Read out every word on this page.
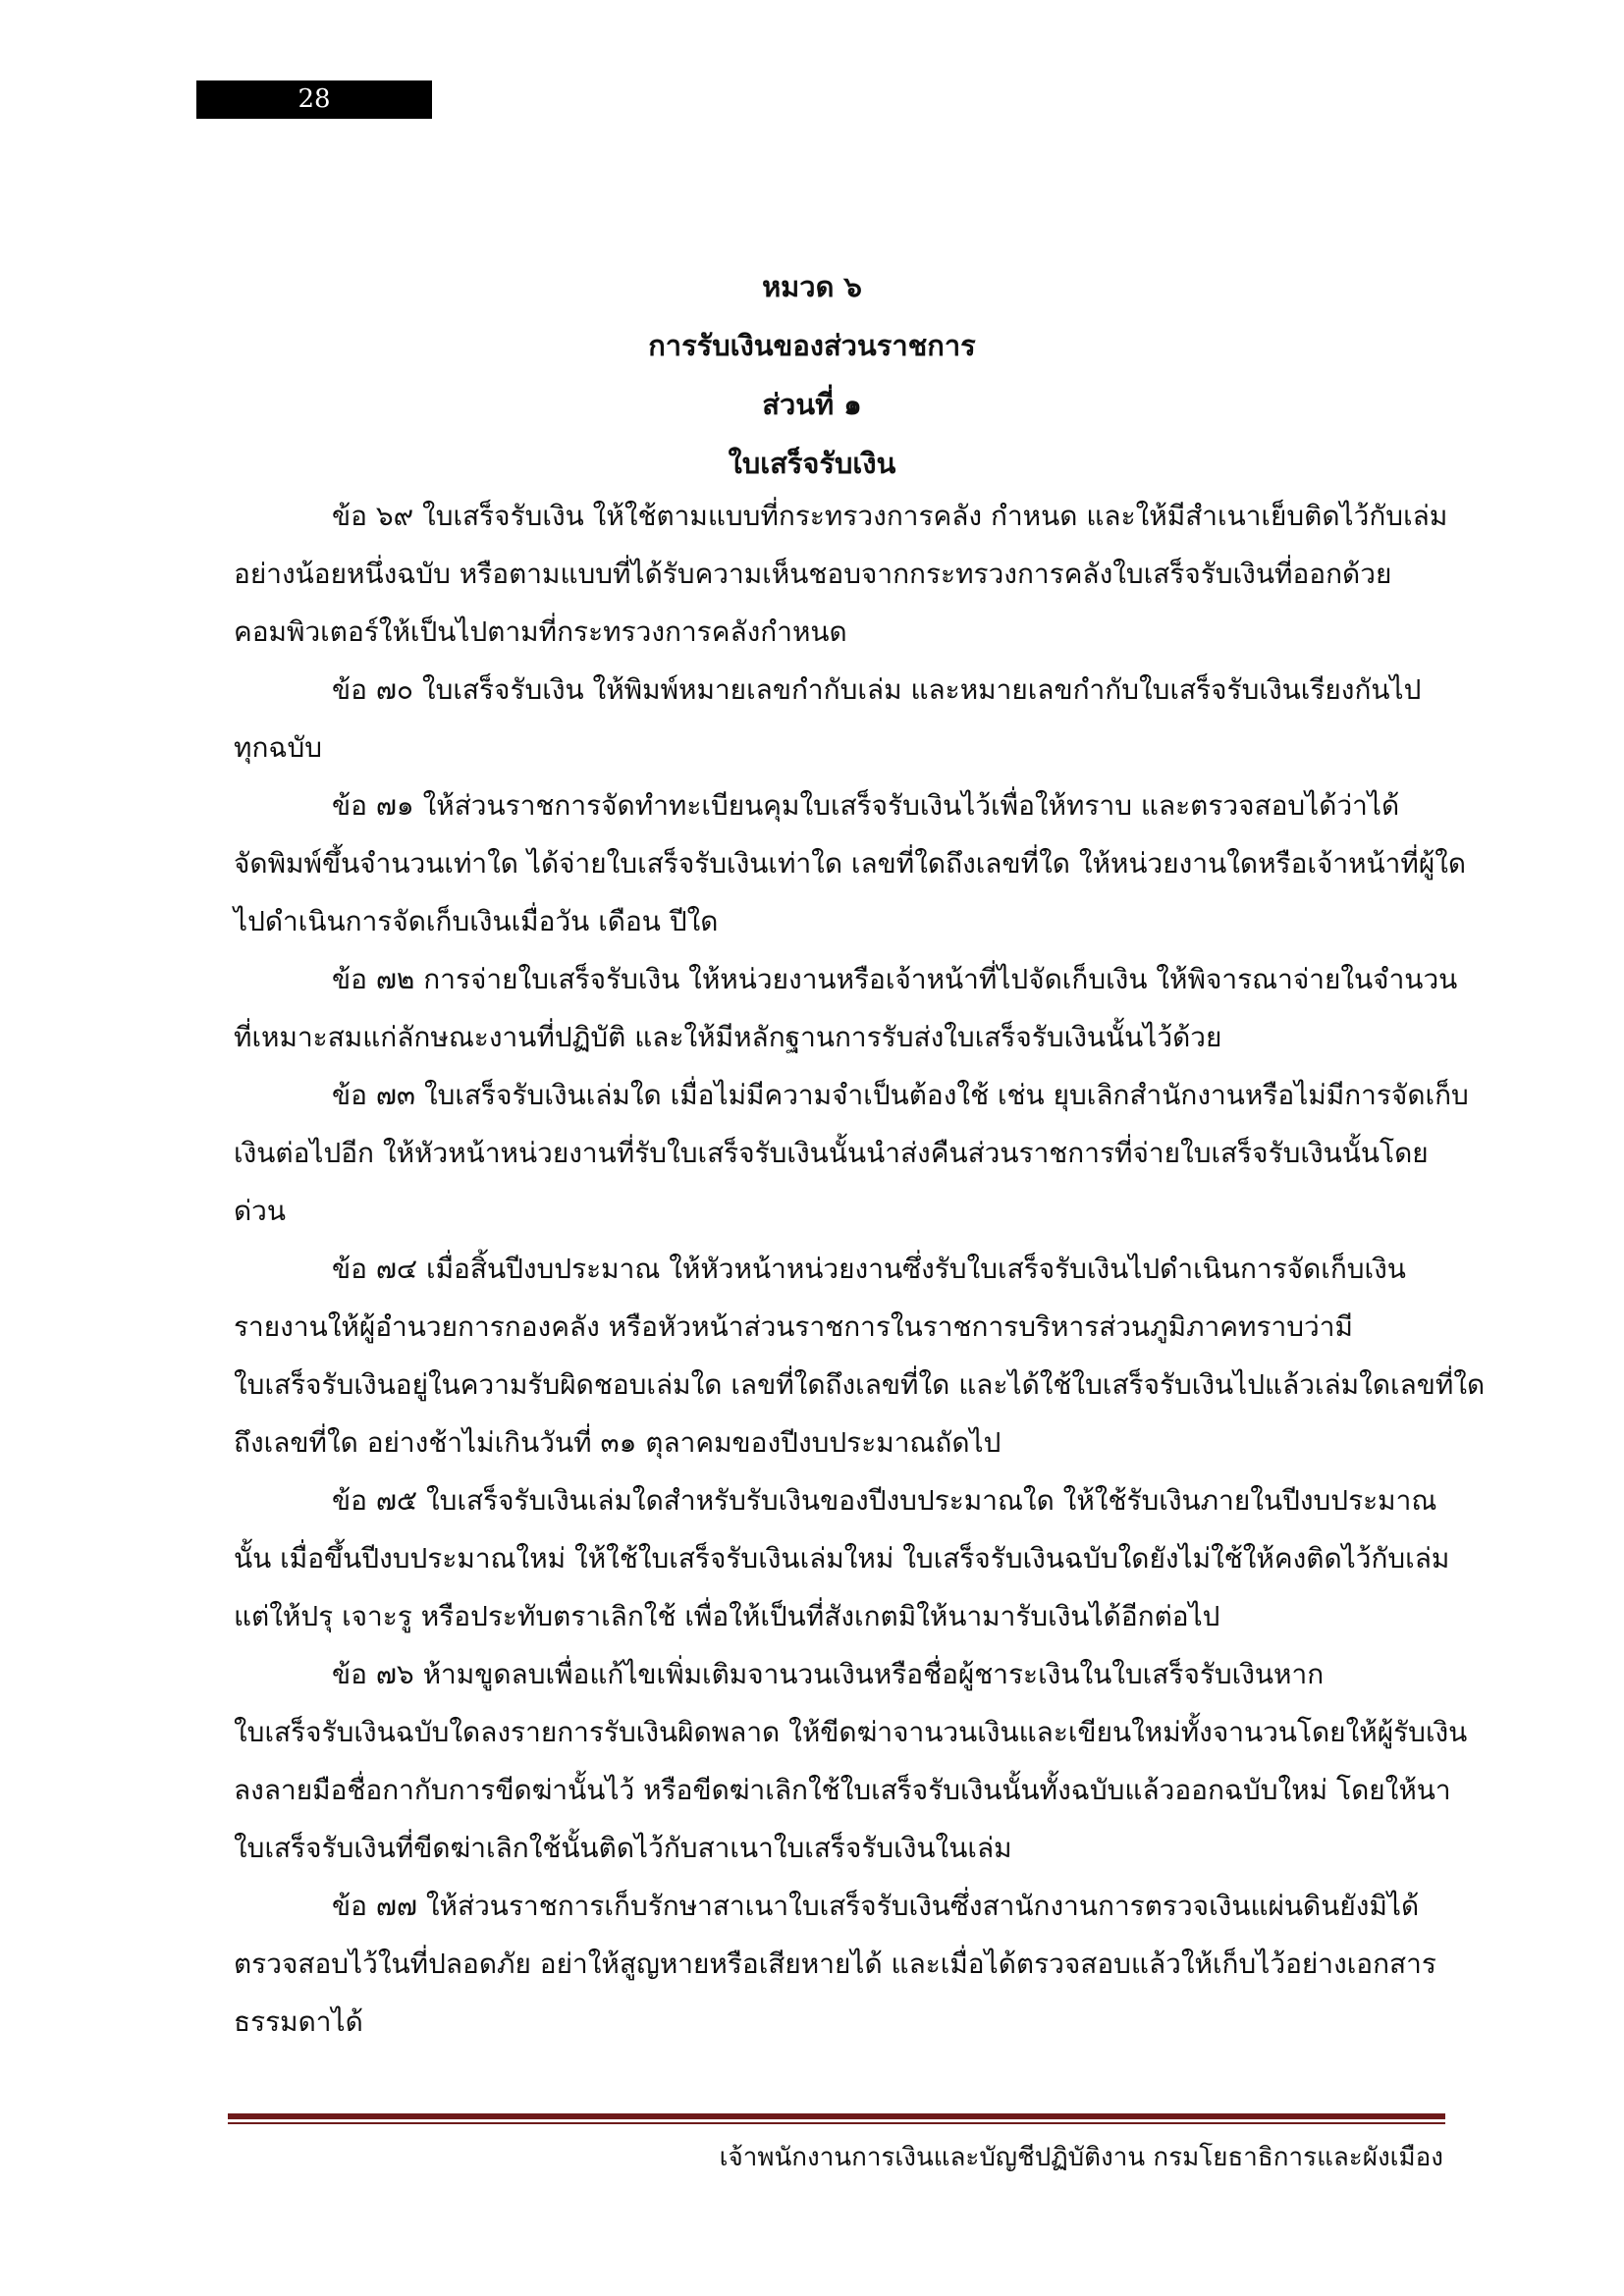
28
หมวด ๖
การรับเงินของส่วนราชการ
ส่วนที่ ๑
ใบเสร็จรับเงิน

ข้อ ๖๙ ใบเสร็จรับเงิน ให้ใช้ตามแบบที่กระทรวงการคลัง กำหนด และให้มีสำเนาเย็บติดไว้กับเล่ม
อย่างน้อยหนึ่งฉบับ หรือตามแบบที่ได้รับความเห็นชอบจากกระทรวงการคลังใบเสร็จรับเงินที่ออกด้วย
คอมพิวเตอร์ให้เป็นไปตามที่กระทรวงการคลังกำหนด

ข้อ ๗๐ ใบเสร็จรับเงิน ให้พิมพ์หมายเลขกำกับเล่ม และหมายเลขกำกับใบเสร็จรับเงินเรียงกันไป
ทุกฉบับ

ข้อ ๗๑ ให้ส่วนราชการจัดทำทะเบียนคุมใบเสร็จรับเงินไว้เพื่อให้ทราบ และตรวจสอบได้ว่าได้
จัดพิมพ์ขึ้นจำนวนเท่าใด ได้จ่ายใบเสร็จรับเงินเท่าใด เลขที่ใดถึงเลขที่ใด ให้หน่วยงานใดหรือเจ้าหน้าที่ผู้ใด
ไปดำเนินการจัดเก็บเงินเมื่อวัน เดือน ปีใด

ข้อ ๗๒ การจ่ายใบเสร็จรับเงิน ให้หน่วยงานหรือเจ้าหน้าที่ไปจัดเก็บเงิน ให้พิจารณาจ่ายในจำนวน
ที่เหมาะสมแก่ลักษณะงานที่ปฏิบัติ และให้มีหลักฐานการรับส่งใบเสร็จรับเงินนั้นไว้ด้วย

ข้อ ๗๓ ใบเสร็จรับเงินเล่มใด เมื่อไม่มีความจำเป็นต้องใช้ เช่น ยุบเลิกสำนักงานหรือไม่มีการจัดเก็บ
เงินต่อไปอีก ให้หัวหน้าหน่วยงานที่รับใบเสร็จรับเงินนั้นนำส่งคืนส่วนราชการที่จ่ายใบเสร็จรับเงินนั้นโดย
ด่วน

ข้อ ๗๔ เมื่อสิ้นปีงบประมาณ ให้หัวหน้าหน่วยงานซึ่งรับใบเสร็จรับเงินไปดำเนินการจัดเก็บเงิน
รายงานให้ผู้อำนวยการกองคลัง หรือหัวหน้าส่วนราชการในราชการบริหารส่วนภูมิภาคทราบว่ามี
ใบเสร็จรับเงินอยู่ในความรับผิดชอบเล่มใด เลขที่ใดถึงเลขที่ใด และได้ใช้ใบเสร็จรับเงินไปแล้วเล่มใดเลขที่ใด
ถึงเลขที่ใด อย่างช้าไม่เกินวันที่ ๓๑ ตุลาคมของปีงบประมาณถัดไป

ข้อ ๗๕ ใบเสร็จรับเงินเล่มใดสำหรับรับเงินของปีงบประมาณใด ให้ใช้รับเงินภายในปีงบประมาณ
นั้น เมื่อขึ้นปีงบประมาณใหม่ ให้ใช้ใบเสร็จรับเงินเล่มใหม่ ใบเสร็จรับเงินฉบับใดยังไม่ใช้ให้คงติดไว้กับเล่ม
แต่ให้ปรุ เจาะรู หรือประทับตราเลิกใช้ เพื่อให้เป็นที่สังเกตมิให้นามารับเงินได้อีกต่อไป

ข้อ ๗๖ ห้ามขูดลบเพื่อแก้ไขเพิ่มเติมจานวนเงินหรือชื่อผู้ชาระเงินในใบเสร็จรับเงินหาก
ใบเสร็จรับเงินฉบับใดลงรายการรับเงินผิดพลาด ให้ขีดฆ่าจานวนเงินและเขียนใหม่ทั้งจานวนโดยให้ผู้รับเงิน
ลงลายมือชื่อกากับการขีดฆ่านั้นไว้ หรือขีดฆ่าเลิกใช้ใบเสร็จรับเงินนั้นทั้งฉบับแล้วออกฉบับใหม่ โดยให้นา
ใบเสร็จรับเงินที่ขีดฆ่าเลิกใช้นั้นติดไว้กับสาเนาใบเสร็จรับเงินในเล่ม

ข้อ ๗๗ ให้ส่วนราชการเก็บรักษาสาเนาใบเสร็จรับเงินซึ่งสานักงานการตรวจเงินแผ่นดินยังมิได้
ตรวจสอบไว้ในที่ปลอดภัย อย่าให้สูญหายหรือเสียหายได้ และเมื่อได้ตรวจสอบแล้วให้เก็บไว้อย่างเอกสาร
ธรรมดาได้

เจ้าพนักงานการเงินและบัญชีปฏิบัติงาน กรมโยธาธิการและผังเมือง
